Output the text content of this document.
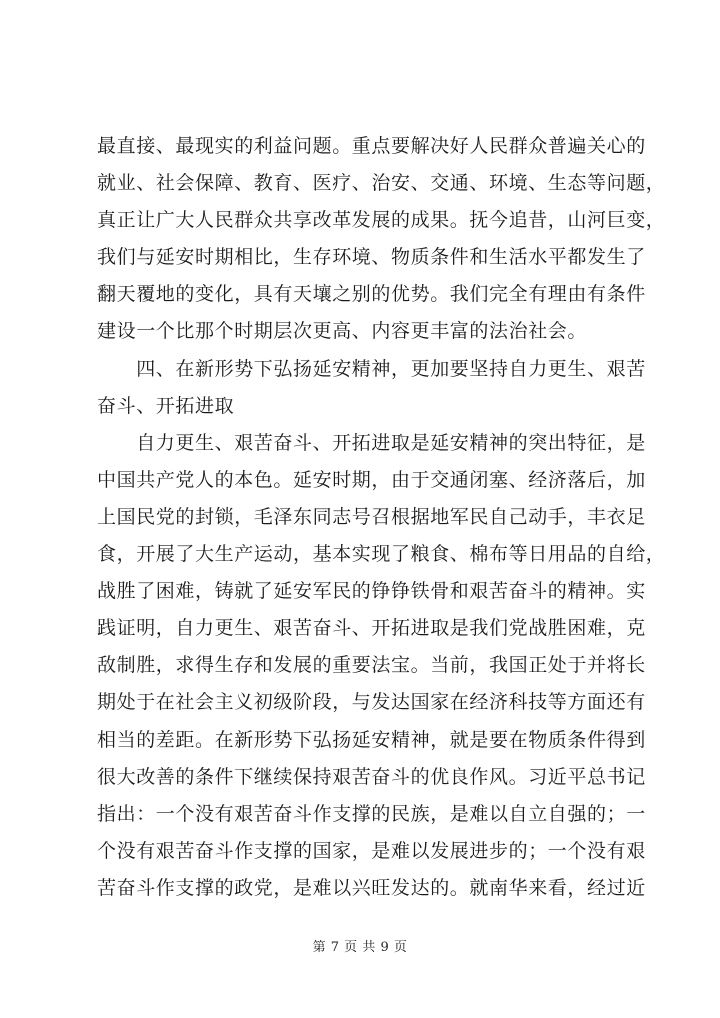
最直接、最现实的利益问题。重点要解决好人民群众普遍关心的
就业、社会保障、教育、医疗、治安、交通、环境、生态等问题，
真正让广大人民群众共享改革发展的成果。抚今追昔，山河巨变，
我们与延安时期相比，生存环境、物质条件和生活水平都发生了
翻天覆地的变化，具有天壤之别的优势。我们完全有理由有条件
建设一个比那个时期层次更高、内容更丰富的法治社会。
　　四、在新形势下弘扬延安精神，更加要坚持自力更生、艰苦
奋斗、开拓进取
　　自力更生、艰苦奋斗、开拓进取是延安精神的突出特征，是
中国共产党人的本色。延安时期，由于交通闭塞、经济落后，加
上国民党的封锁，毛泽东同志号召根据地军民自己动手，丰衣足
食，开展了大生产运动，基本实现了粮食、棉布等日用品的自给，
战胜了困难，铸就了延安军民的铮铮铁骨和艰苦奋斗的精神。实
践证明，自力更生、艰苦奋斗、开拓进取是我们党战胜困难，克
敌制胜，求得生存和发展的重要法宝。当前，我国正处于并将长
期处于在社会主义初级阶段，与发达国家在经济科技等方面还有
相当的差距。在新形势下弘扬延安精神，就是要在物质条件得到
很大改善的条件下继续保持艰苦奋斗的优良作风。习近平总书记
指出：一个没有艰苦奋斗作支撑的民族，是难以自立自强的；一
个没有艰苦奋斗作支撑的国家，是难以发展进步的；一个没有艰
苦奋斗作支撑的政党，是难以兴旺发达的。就南华来看，经过近
第 7 页 共 9 页
